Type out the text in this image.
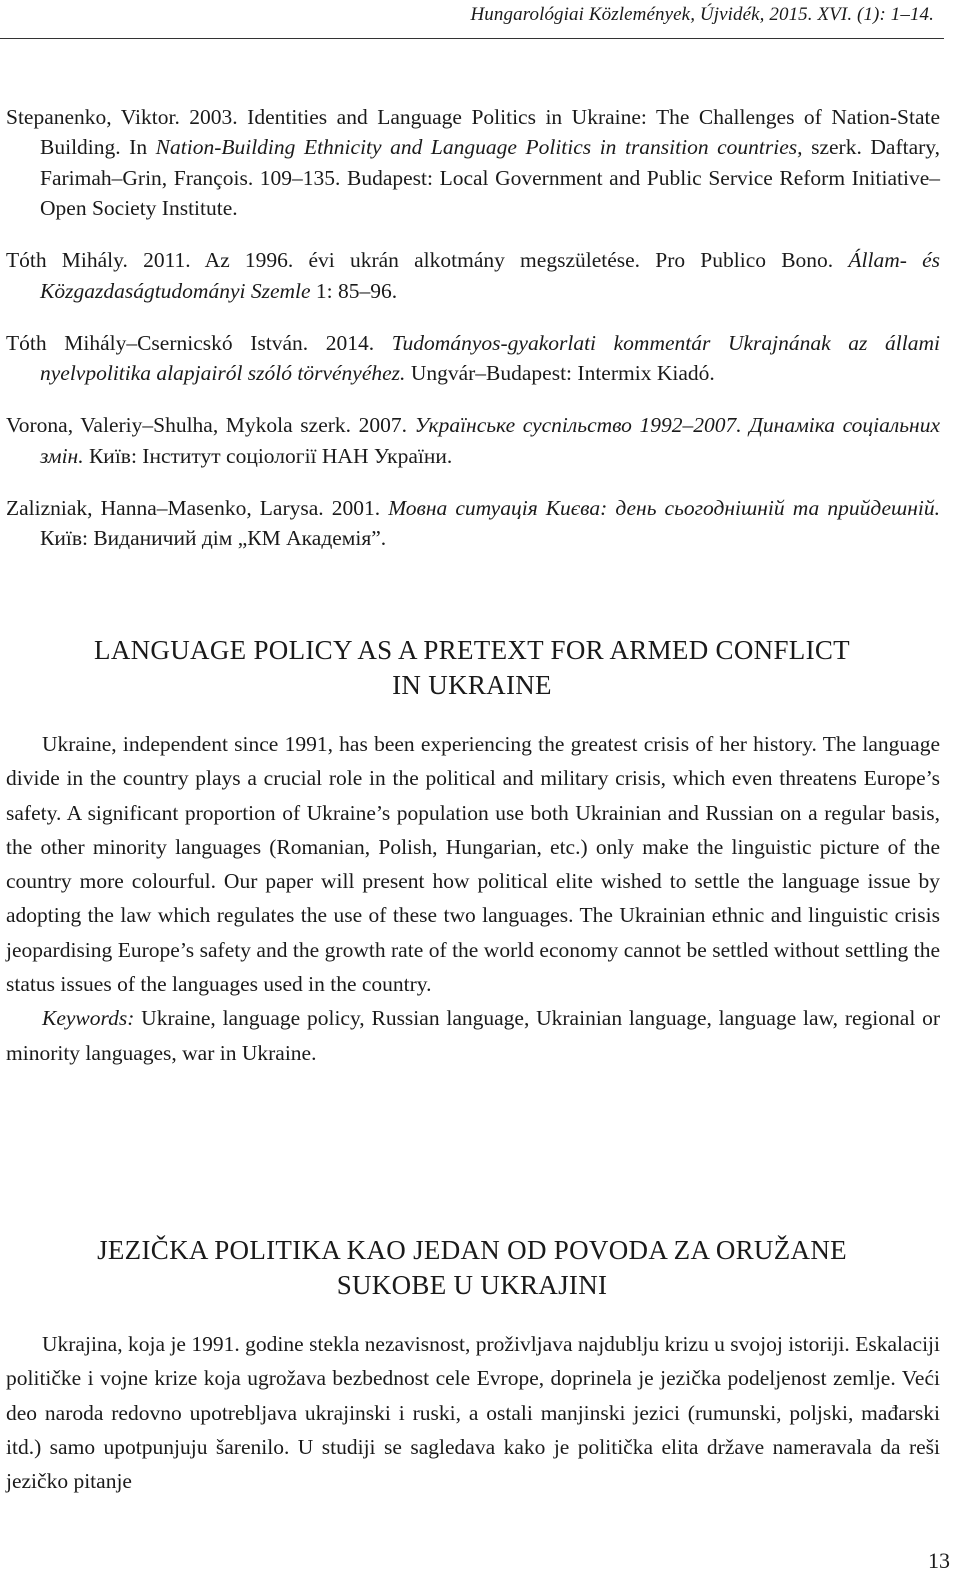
Hungarológiai Közlemények, Újvidék, 2015. XVI. (1): 1–14.

Stepanenko, Viktor. 2003. Identities and Language Politics in Ukraine: The Challenges of Nation-State Building. In Nation-Building Ethnicity and Language Politics in transition countries, szerk. Daftary, Farimah–Grin, François. 109–135. Budapest: Local Government and Public Service Reform Initiative–Open Society Institute.

Tóth Mihály. 2011. Az 1996. évi ukrán alkotmány megszületése. Pro Publico Bono. Állam- és Közgazdaságtudományi Szemle 1: 85–96.

Tóth Mihály–Csernicskó István. 2014. Tudományos-gyakorlati kommentár Ukrajnának az állami nyelvpolitika alapjairól szóló törvényéhez. Ungvár–Budapest: Intermix Kiadó.

Vorona, Valeriy–Shulha, Mykola szerk. 2007. Українське суспільство 1992–2007. Динаміка соціальних змін. Київ: Інститут соціології НАН України.

Zalizniak, Hanna–Masenko, Larysa. 2001. Мовна ситуація Києва: день сьогоднішній та прийдешній. Київ: Виданичий дім „КМ Академія”.

LANGUAGE POLICY AS A PRETEXT FOR ARMED CONFLICT
IN UKRAINE

Ukraine, independent since 1991, has been experiencing the greatest crisis of her history. The language divide in the country plays a crucial role in the political and military crisis, which even threatens Europe’s safety. A significant proportion of Ukraine’s population use both Ukrainian and Russian on a regular basis, the other minority languages (Romanian, Polish, Hungarian, etc.) only make the linguistic picture of the country more colourful. Our paper will present how political elite wished to settle the language issue by adopting the law which regulates the use of these two languages. The Ukrainian ethnic and linguistic crisis jeopardising Europe’s safety and the growth rate of the world economy cannot be settled without settling the status issues of the languages used in the country.

Keywords: Ukraine, language policy, Russian language, Ukrainian language, language law, regional or minority languages, war in Ukraine.

JEZIČKA POLITIKA KAO JEDAN OD POVODA ZA ORUŽANE
SUKOBE U UKRAJINI

Ukrajina, koja je 1991. godine stekla nezavisnost, proživljava najdublju krizu u svojoj istoriji. Eskalaciji političke i vojne krize koja ugrožava bezbednost cele Evrope, doprinela je jezička podeljenost zemlje. Veći deo naroda redovno upotrebljava ukrajinski i ruski, a ostali manjinski jezici (rumunski, poljski, mađarski itd.) samo upotpunjuju šarenilo. U studiji se sagledava kako je politička elita države nameravala da reši jezičko pitanje

13
